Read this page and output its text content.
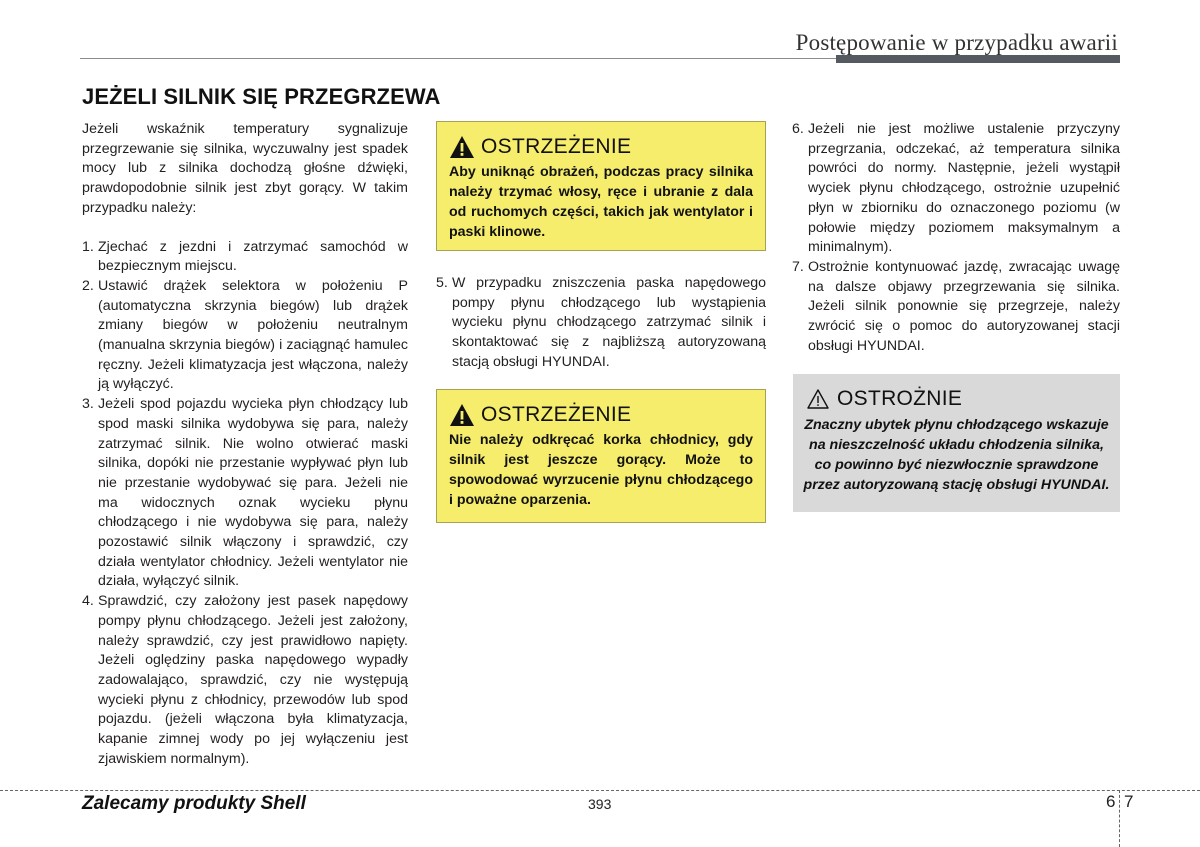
Postępowanie w przypadku awarii
JEŻELI SILNIK SIĘ PRZEGRZEWA

Jeżeli wskaźnik temperatury sygnalizuje przegrzewanie się silnika, wyczuwalny jest spadek mocy lub z silnika dochodzą głośne dźwięki, prawdopodobnie silnik jest zbyt gorący. W takim przypadku należy:

1. Zjechać z jezdni i zatrzymać samochód w bezpiecznym miejscu.
2. Ustawić drążek selektora w położeniu P (automatyczna skrzynia biegów) lub drążek zmiany biegów w położeniu neutralnym (manualna skrzynia biegów) i zaciągnąć hamulec ręczny. Jeżeli klimatyzacja jest włączona, należy ją wyłączyć.
3. Jeżeli spod pojazdu wycieka płyn chłodzący lub spod maski silnika wydobywa się para, należy zatrzymać silnik. Nie wolno otwierać maski silnika, dopóki nie przestanie wypływać płyn lub nie przestanie wydobywać się para. Jeżeli nie ma widocznych oznak wycieku płynu chłodzącego i nie wydobywa się para, należy pozostawić silnik włączony i sprawdzić, czy działa wentylator chłodnicy. Jeżeli wentylator nie działa, wyłączyć silnik.
4. Sprawdzić, czy założony jest pasek napędowy pompy płynu chłodzącego. Jeżeli jest założony, należy sprawdzić, czy jest prawidłowo napięty. Jeżeli oględziny paska napędowego wypadły zadowalająco, sprawdzić, czy nie występują wycieki płynu z chłodnicy, przewodów lub spod pojazdu. (jeżeli włączona była klimatyzacja, kapanie zimnej wody po jej wyłączeniu jest zjawiskiem normalnym).
OSTRZEŻENIE
Aby uniknąć obrażeń, podczas pracy silnika należy trzymać włosy, ręce i ubranie z dala od ruchomych części, takich jak wentylator i paski klinowe.
5. W przypadku zniszczenia paska napędowego pompy płynu chłodzącego lub wystąpienia wycieku płynu chłodzącego zatrzymać silnik i skontaktować się z najbliższą autoryzowaną stacją obsługi HYUNDAI.
OSTRZEŻENIE
Nie należy odkręcać korka chłodnicy, gdy silnik jest jeszcze gorący. Może to spowodować wyrzucenie płynu chłodzącego i poważne oparzenia.
6. Jeżeli nie jest możliwe ustalenie przyczyny przegrzania, odczekać, aż temperatura silnika powróci do normy. Następnie, jeżeli wystąpił wyciek płynu chłodzącego, ostrożnie uzupełnić płyn w zbiorniku do oznaczonego poziomu (w połowie między poziomem maksymalnym a minimalnym).
7. Ostrożnie kontynuować jazdę, zwracając uwagę na dalsze objawy przegrzewania się silnika. Jeżeli silnik ponownie się przegrzeje, należy zwrócić się o pomoc do autoryzowanej stacji obsługi HYUNDAI.
OSTROŻNIE
Znaczny ubytek płynu chłodzącego wskazuje na nieszczelność układu chłodzenia silnika, co powinno być niezwłocznie sprawdzone przez autoryzowaną stację obsługi HYUNDAI.
Zalecamy produkty Shell	393	6 7
